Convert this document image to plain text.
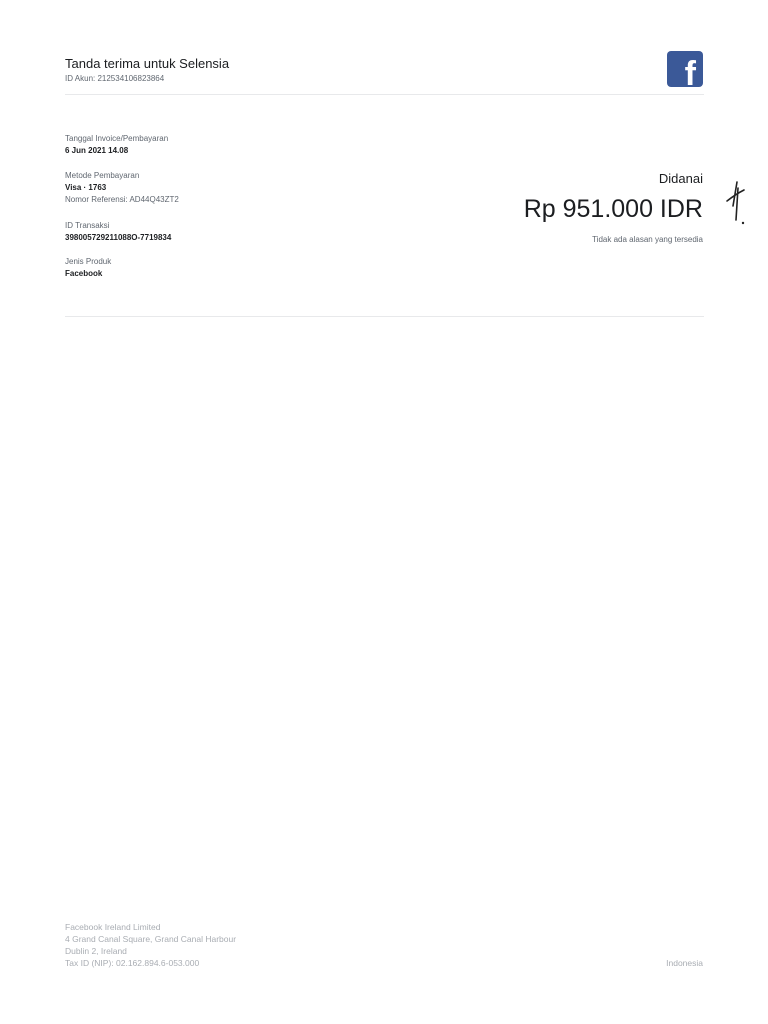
Tanda terima untuk Selensia
ID Akun: 212534106823864	f
Tanggal Invoice/Pembayaran
6 Jun 2021 14.08
Metode Pembayaran
Visa · 1763
Nomor Referensi: AD44Q43ZT2
ID Transaksi
398005729211088O-7719834
Jenis Produk
Facebook
Didanai
Rp 951.000 IDR
Tidak ada alasan yang tersedia
Facebook Ireland Limited
4 Grand Canal Square, Grand Canal Harbour
Dublin 2, Ireland
Tax ID (NIP): 02.162.894.6-053.000	Indonesia
